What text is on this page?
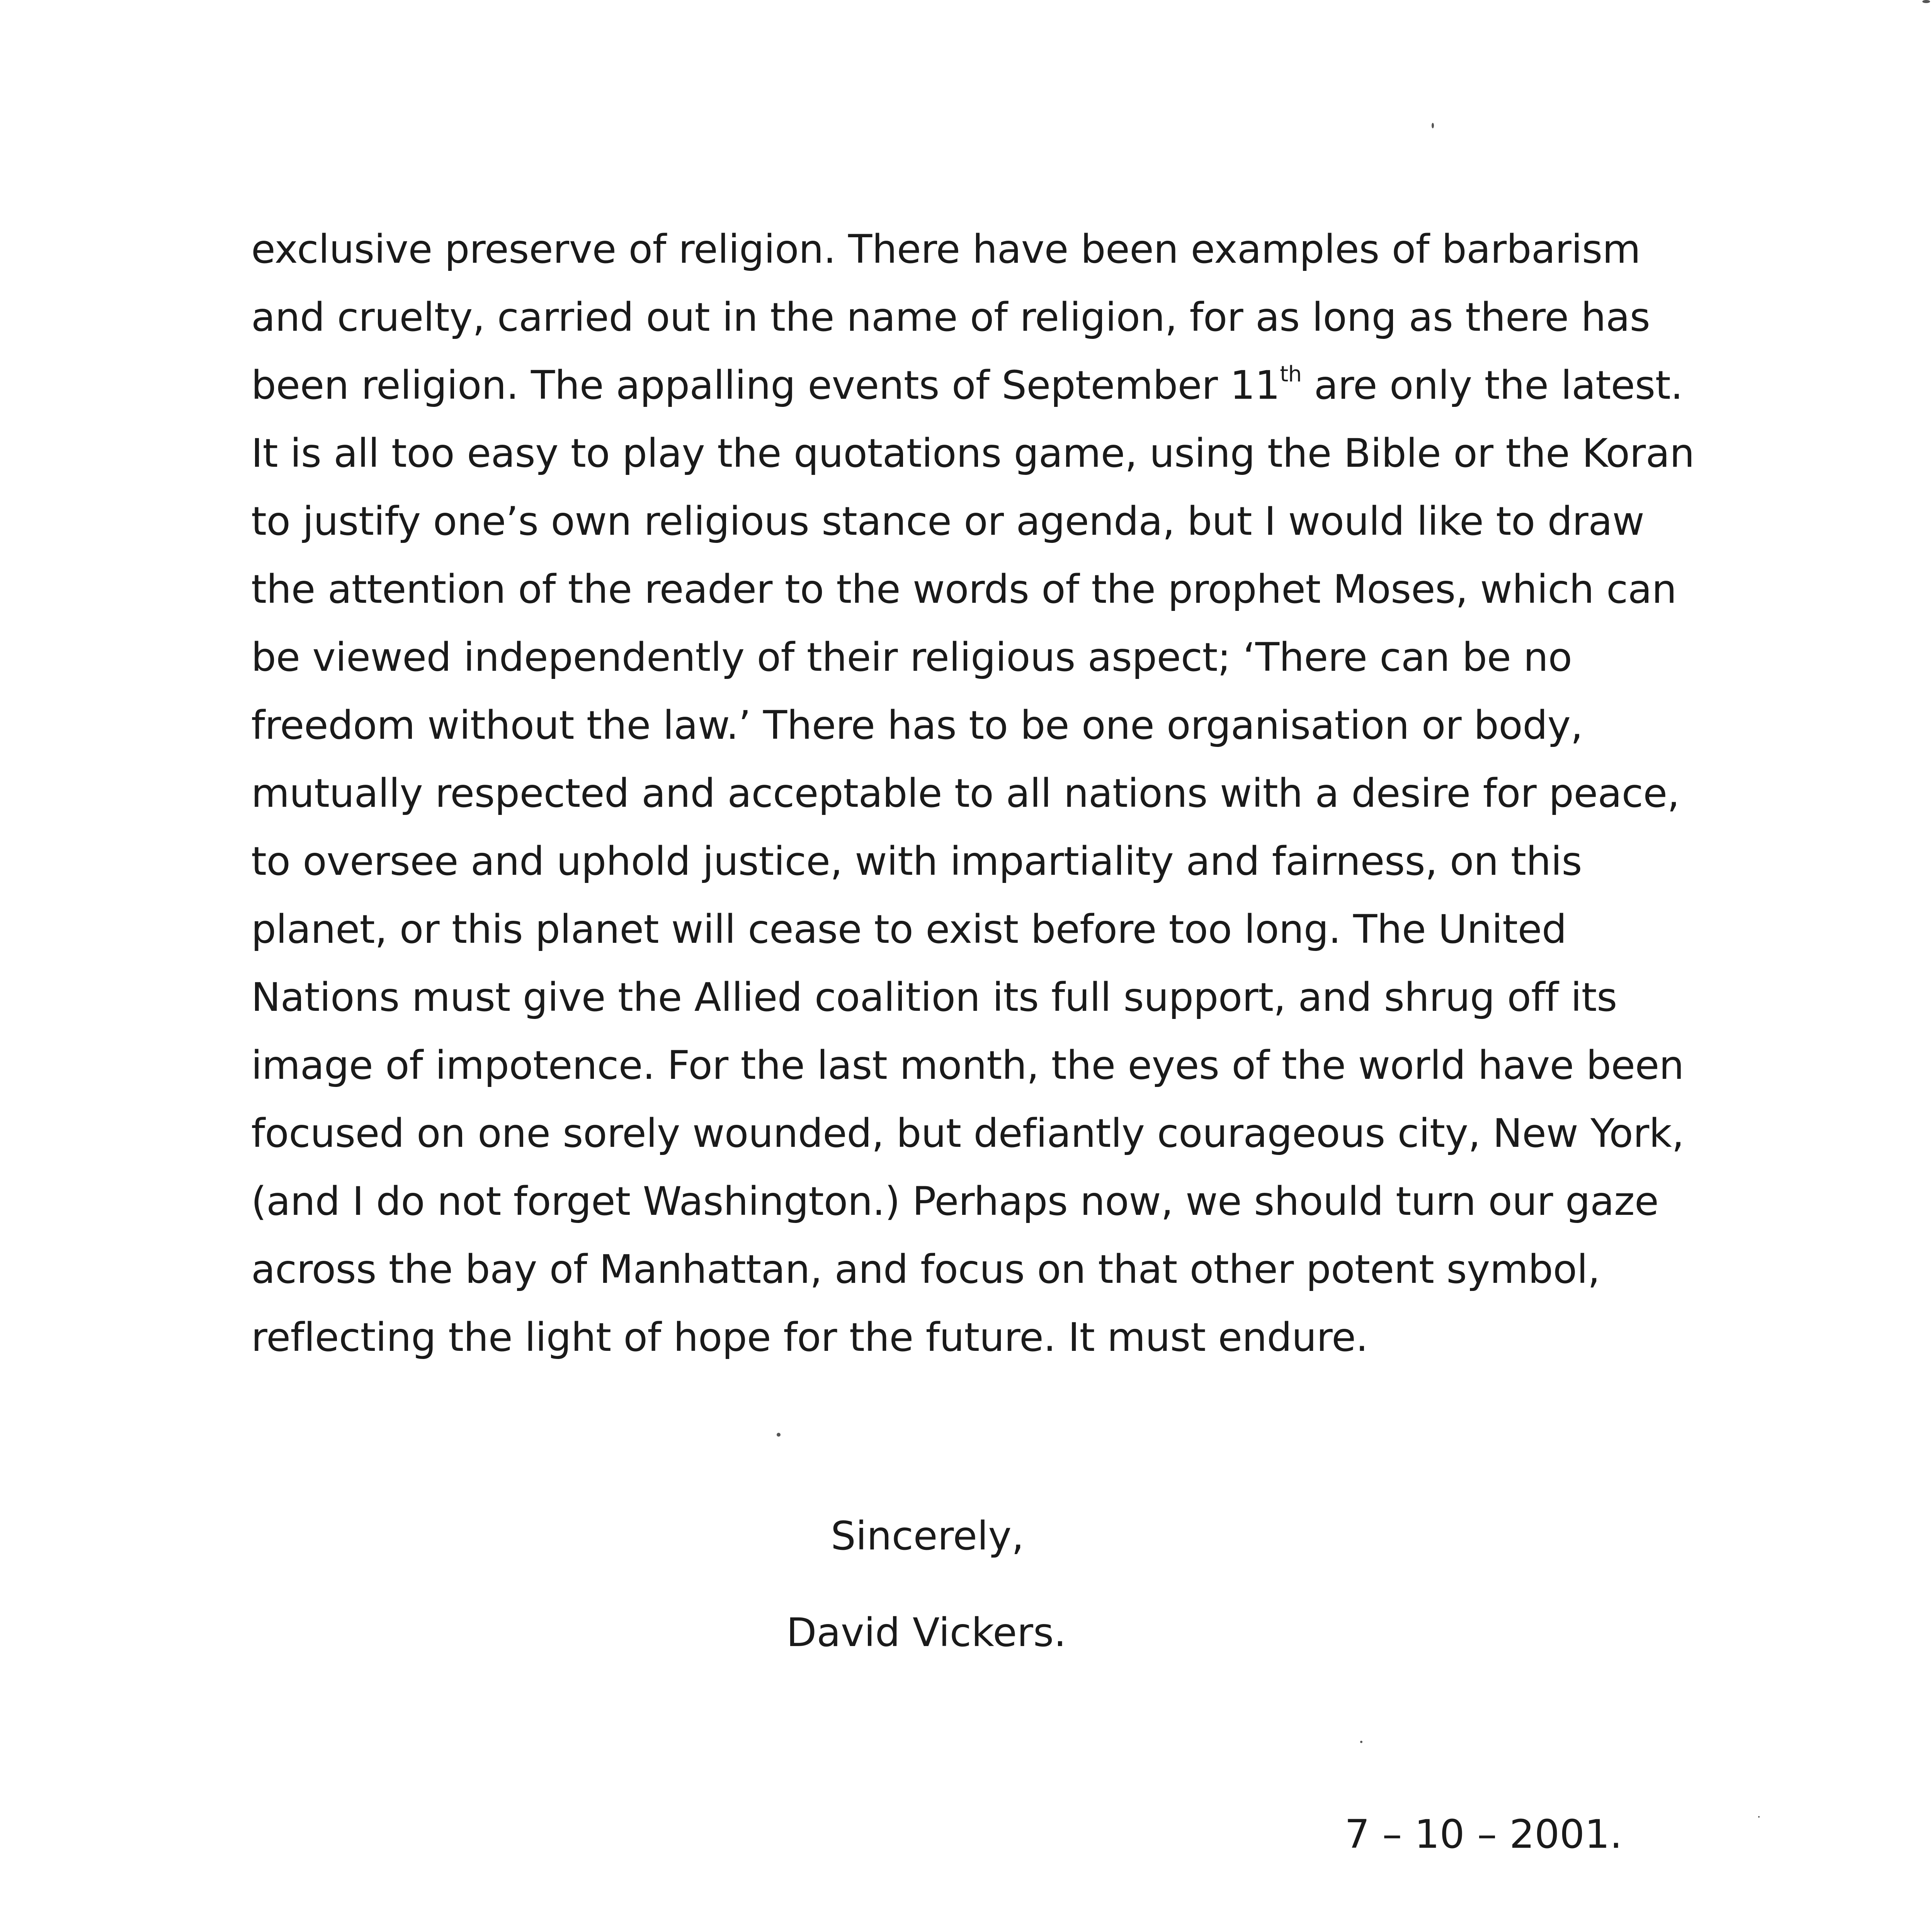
exclusive preserve of religion. There have been examples of barbarism
and cruelty, carried out in the name of religion, for as long as there has
been religion. The appalling events of September 11th are only the latest.
It is all too easy to play the quotations game, using the Bible or the Koran
to justify one’s own religious stance or agenda, but I would like to draw
the attention of the reader to the words of the prophet Moses, which can
be viewed independently of their religious aspect; ‘There can be no
freedom without the law.’ There has to be one organisation or body,
mutually respected and acceptable to all nations with a desire for peace,
to oversee and uphold justice, with impartiality and fairness, on this
planet, or this planet will cease to exist before too long. The United
Nations must give the Allied coalition its full support, and shrug off its
image of impotence. For the last month, the eyes of the world have been
focused on one sorely wounded, but defiantly courageous city, New York,
(and I do not forget Washington.) Perhaps now, we should turn our gaze
across the bay of Manhattan, and focus on that other potent symbol,
reflecting the light of hope for the future. It must endure.
Sincerely,
David Vickers.
7 – 10 – 2001.
